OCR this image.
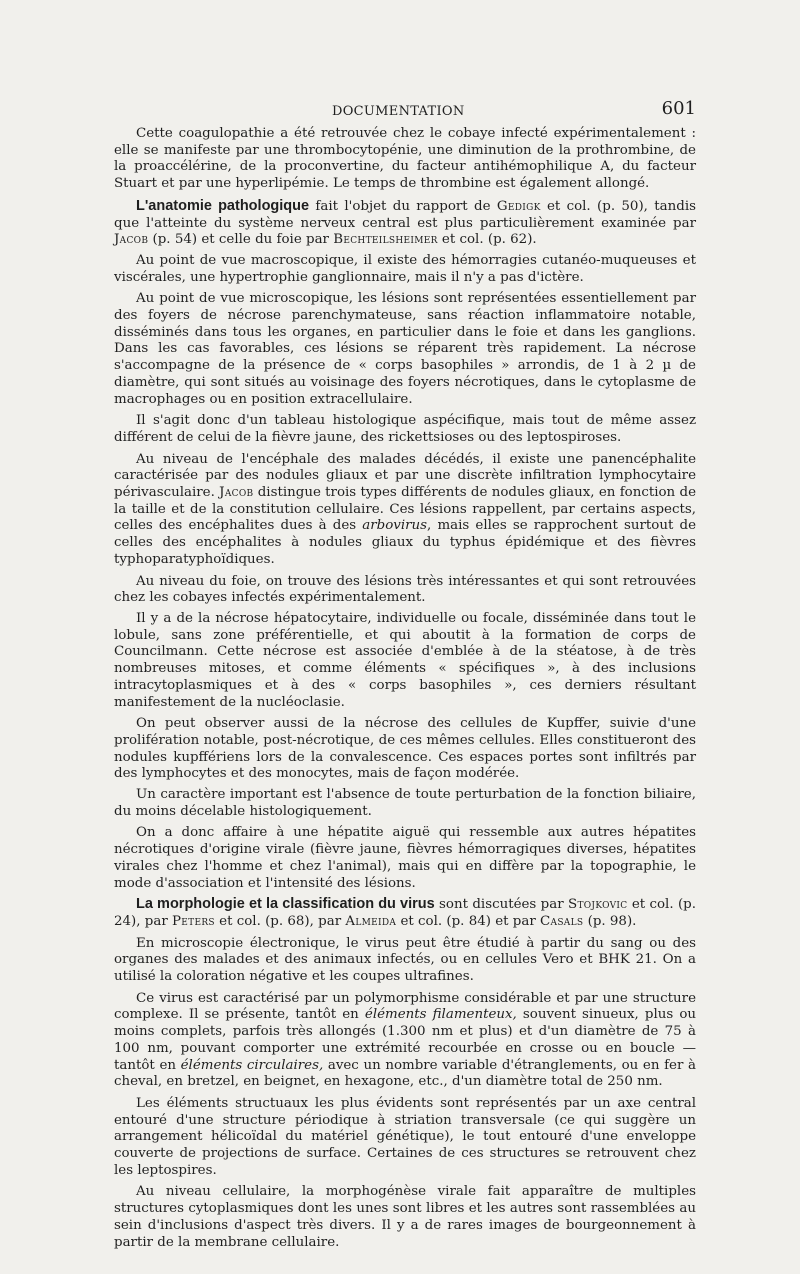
DOCUMENTATION	601

Cette coagulopathie a été retrouvée chez le cobaye infecté expérimentalement : elle se manifeste par une thrombocytopénie, une diminution de la prothrombine, de la proaccélérine, de la proconvertine, du facteur antihémophilique A, du facteur Stuart et par une hyperlipémie. Le temps de thrombine est également allongé.

L'anatomie pathologique fait l'objet du rapport de Gedigk et col. (p. 50), tandis que l'atteinte du système nerveux central est plus particulièrement examinée par Jacob (p. 54) et celle du foie par Bechteilsheimer et col. (p. 62).

Au point de vue macroscopique, il existe des hémorragies cutanéo-muqueuses et viscérales, une hypertrophie ganglionnaire, mais il n'y a pas d'ictère.

Au point de vue microscopique, les lésions sont représentées essentiellement par des foyers de nécrose parenchymateuse, sans réaction inflammatoire notable, disséminés dans tous les organes, en particulier dans le foie et dans les ganglions. Dans les cas favorables, ces lésions se réparent très rapidement. La nécrose s'accompagne de la présence de « corps basophiles » arrondis, de 1 à 2 µ de diamètre, qui sont situés au voisinage des foyers nécrotiques, dans le cytoplasme de macrophages ou en position extracellulaire.

Il s'agit donc d'un tableau histologique aspécifique, mais tout de même assez différent de celui de la fièvre jaune, des rickettsioses ou des leptospiroses.

Au niveau de l'encéphale des malades décédés, il existe une panencéphalite caractérisée par des nodules gliaux et par une discrète infiltration lymphocytaire périvasculaire. Jacob distingue trois types différents de nodules gliaux, en fonction de la taille et de la constitution cellulaire. Ces lésions rappellent, par certains aspects, celles des encéphalites dues à des arbovirus, mais elles se rapprochent surtout de celles des encéphalites à nodules gliaux du typhus épidémique et des fièvres typhoparatyphoïdiques.

Au niveau du foie, on trouve des lésions très intéressantes et qui sont retrouvées chez les cobayes infectés expérimentalement.

Il y a de la nécrose hépatocytaire, individuelle ou focale, disséminée dans tout le lobule, sans zone préférentielle, et qui aboutit à la formation de corps de Councilmann. Cette nécrose est associée d'emblée à de la stéatose, à de très nombreuses mitoses, et comme éléments « spécifiques », à des inclusions intracytoplasmiques et à des « corps basophiles », ces derniers résultant manifestement de la nucléoclasie.

On peut observer aussi de la nécrose des cellules de Kupffer, suivie d'une prolifération notable, post-nécrotique, de ces mêmes cellules. Elles constitueront des nodules kupffériens lors de la convalescence. Ces espaces portes sont infiltrés par des lymphocytes et des monocytes, mais de façon modérée.

Un caractère important est l'absence de toute perturbation de la fonction biliaire, du moins décelable histologiquement.

On a donc affaire à une hépatite aiguë qui ressemble aux autres hépatites nécrotiques d'origine virale (fièvre jaune, fièvres hémorragiques diverses, hépatites virales chez l'homme et chez l'animal), mais qui en diffère par la topographie, le mode d'association et l'intensité des lésions.

La morphologie et la classification du virus sont discutées par Stojkovic et col. (p. 24), par Peters et col. (p. 68), par Almeida et col. (p. 84) et par Casals (p. 98).

En microscopie électronique, le virus peut être étudié à partir du sang ou des organes des malades et des animaux infectés, ou en cellules Vero et BHK 21. On a utilisé la coloration négative et les coupes ultrafines.

Ce virus est caractérisé par un polymorphisme considérable et par une structure complexe. Il se présente, tantôt en éléments filamenteux, souvent sinueux, plus ou moins complets, parfois très allongés (1.300 nm et plus) et d'un diamètre de 75 à 100 nm, pouvant comporter une extrémité recourbée en crosse ou en boucle — tantôt en éléments circulaires, avec un nombre variable d'étranglements, ou en fer à cheval, en bretzel, en beignet, en hexagone, etc., d'un diamètre total de 250 nm.

Les éléments structuaux les plus évidents sont représentés par un axe central entouré d'une structure périodique à striation transversale (ce qui suggère un arrangement hélicoïdal du matériel génétique), le tout entouré d'une enveloppe couverte de projections de surface. Certaines de ces structures se retrouvent chez les leptospires.

Au niveau cellulaire, la morphogénèse virale fait apparaître de multiples structures cytoplasmiques dont les unes sont libres et les autres sont rassemblées au sein d'inclusions d'aspect très divers. Il y a de rares images de bourgeonnement à partir de la membrane cellulaire.
